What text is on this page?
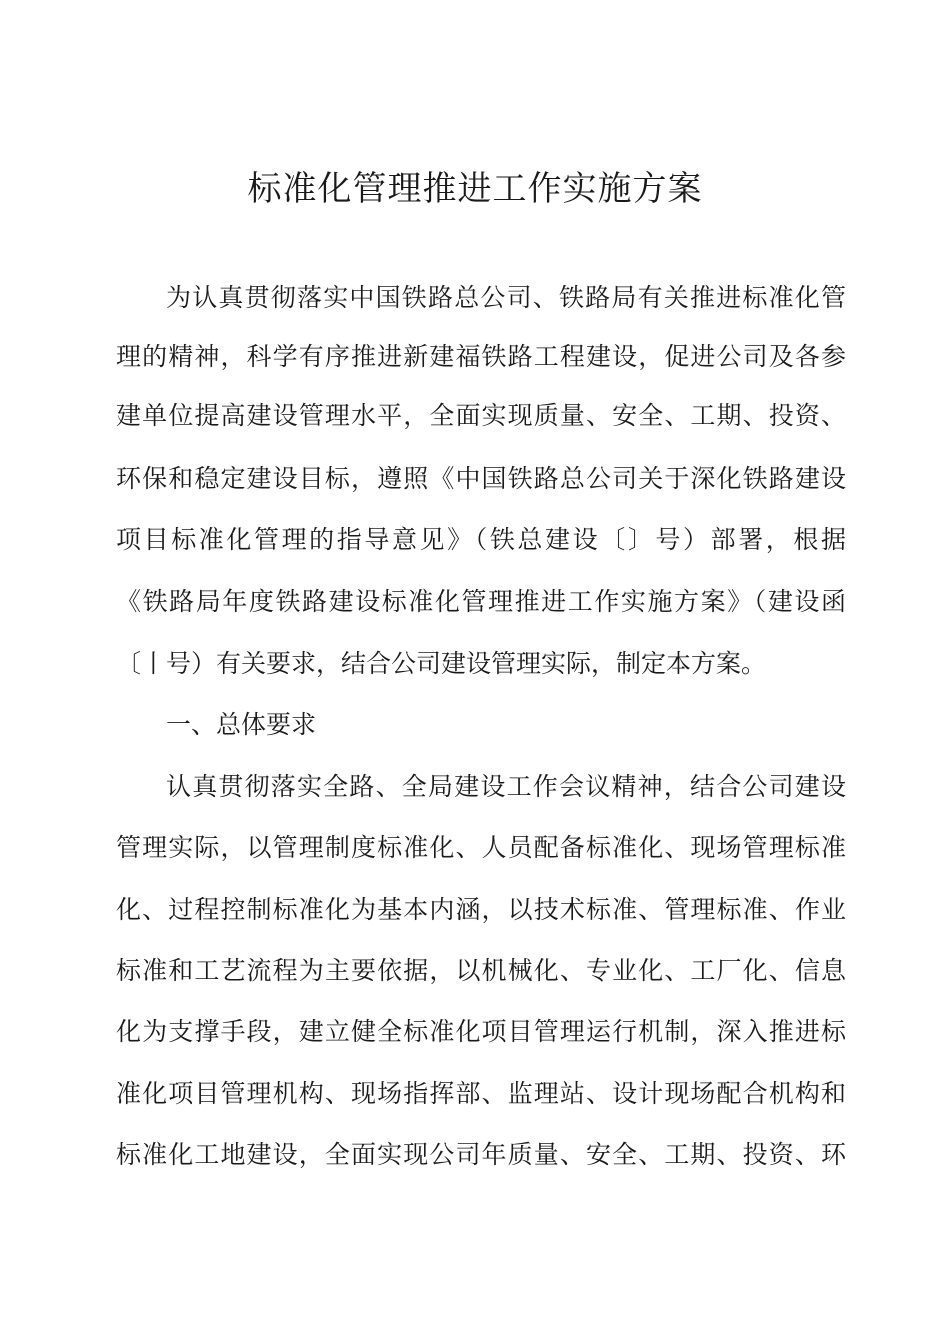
标准化管理推进工作实施方案

为认真贯彻落实中国铁路总公司、铁路局有关推进标准化管

理的精神，科学有序推进新建福铁路工程建设，促进公司及各参

建单位提高建设管理水平，全面实现质量、安全、工期、投资、

环保和稳定建设目标，遵照《中国铁路总公司关于深化铁路建设

项目标准化管理的指导意见》（铁总建设〔〕号）部署，根据

《铁路局年度铁路建设标准化管理推进工作实施方案》（建设函

〔丨号）有关要求，结合公司建设管理实际，制定本方案。

一、总体要求

认真贯彻落实全路、全局建设工作会议精神，结合公司建设

管理实际，以管理制度标准化、人员配备标准化、现场管理标准

化、过程控制标准化为基本内涵，以技术标准、管理标准、作业

标准和工艺流程为主要依据，以机械化、专业化、工厂化、信息

化为支撑手段，建立健全标准化项目管理运行机制，深入推进标

准化项目管理机构、现场指挥部、监理站、设计现场配合机构和

标准化工地建设，全面实现公司年质量、安全、工期、投资、环
